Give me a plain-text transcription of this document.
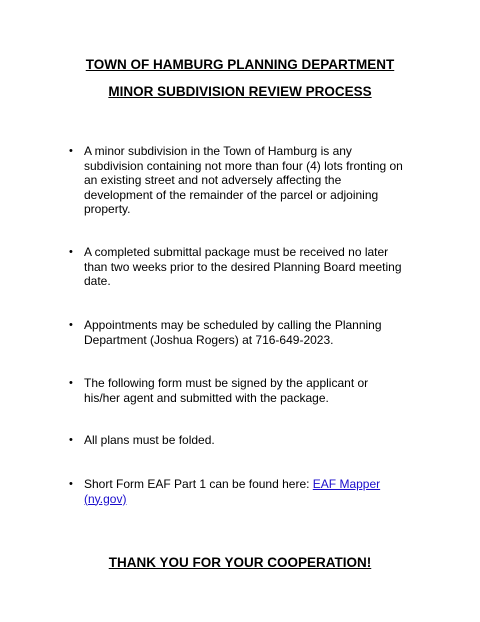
TOWN OF HAMBURG PLANNING DEPARTMENT
MINOR SUBDIVISION REVIEW PROCESS
• A minor subdivision in the Town of Hamburg is any subdivision containing not more than four (4) lots fronting on an existing street and not adversely affecting the development of the remainder of the parcel or adjoining property.
• A completed submittal package must be received no later than two weeks prior to the desired Planning Board meeting date.
• Appointments may be scheduled by calling the Planning Department (Joshua Rogers) at 716-649-2023.
• The following form must be signed by the applicant or his/her agent and submitted with the package.
• All plans must be folded.
• Short Form EAF Part 1 can be found here: EAF Mapper (ny.gov)
THANK YOU FOR YOUR COOPERATION!
